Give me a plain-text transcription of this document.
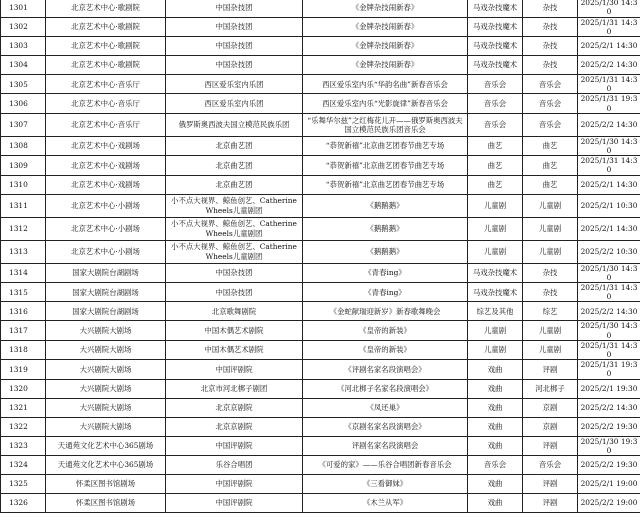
1301	北京艺术中心·歌剧院	中国杂技团	《金牌杂技闹新春》	马戏杂技魔术	杂技	2025/1/30 14:30
1302	北京艺术中心·歌剧院	中国杂技团	《金牌杂技闹新春》	马戏杂技魔术	杂技	2025/1/31 14:30
1303	北京艺术中心·歌剧院	中国杂技团	《金牌杂技闹新春》	马戏杂技魔术	杂技	2025/2/1 14:30
1304	北京艺术中心·歌剧院	中国杂技团	《金牌杂技闹新春》	马戏杂技魔术	杂技	2025/2/2 14:30
1305	北京艺术中心·音乐厅	西区爱乐室内乐团	西区爱乐室内乐“华韵名曲”新春音乐会	音乐会	音乐会	2025/1/31 14:30
1306	北京艺术中心·音乐厅	西区爱乐室内乐团	西区爱乐室内乐“光影旋律”新春音乐会	音乐会	音乐会	2025/1/31 19:30
1307	北京艺术中心·音乐厅	俄罗斯奥西波夫国立模范民族乐团	“乐舞华尔兹”之红梅花儿开——俄罗斯奥西波夫国立模范民族乐团音乐会	音乐会	音乐会	2025/2/2 14:30
1308	北京艺术中心·戏剧场	北京曲艺团	“恭贺新禧”北京曲艺团春节曲艺专场	曲艺	曲艺	2025/1/30 14:30
1309	北京艺术中心·戏剧场	北京曲艺团	“恭贺新禧”北京曲艺团春节曲艺专场	曲艺	曲艺	2025/1/31 14:30
1310	北京艺术中心·戏剧场	北京曲艺团	“恭贺新禧”北京曲艺团春节曲艺专场	曲艺	曲艺	2025/2/1 14:30
1311	北京艺术中心·小剧场	小不点大视界、鲸鱼创艺、Catherine Wheels儿童剧团	《鹅鹅鹅》	儿童剧	儿童剧	2025/2/1 10:30
1312	北京艺术中心·小剧场	小不点大视界、鲸鱼创艺、Catherine Wheels儿童剧团	《鹅鹅鹅》	儿童剧	儿童剧	2025/2/1 14:30
1313	北京艺术中心·小剧场	小不点大视界、鲸鱼创艺、Catherine Wheels儿童剧团	《鹅鹅鹅》	儿童剧	儿童剧	2025/2/2 10:30
1314	国家大剧院台湖剧场	中国杂技团	《青春ing》	马戏杂技魔术	杂技	2025/1/30 14:30
1315	国家大剧院台湖剧场	中国杂技团	《青春ing》	马戏杂技魔术	杂技	2025/1/31 14:30
1316	国家大剧院台湖剧场	北京歌舞剧院	《金蛇献瑞迎新岁》新春歌舞晚会	综艺及其他	综艺	2025/2/2 14:30
1317	大兴剧院大剧场	中国木偶艺术剧院	《皇帝的新装》	儿童剧	儿童剧	2025/1/30 14:30
1318	大兴剧院大剧场	中国木偶艺术剧院	《皇帝的新装》	儿童剧	儿童剧	2025/1/31 14:30
1319	大兴剧院大剧场	中国评剧院	《评剧名家名段演唱会》	戏曲	评剧	2025/1/31 19:30
1320	大兴剧院大剧场	北京市河北梆子剧团	《河北梆子名家名段演唱会》	戏曲	河北梆子	2025/2/1 19:30
1321	大兴剧院大剧场	北京京剧院	《凤还巢》	戏曲	京剧	2025/2/2 14:30
1322	大兴剧院大剧场	北京京剧院	《京剧名家名段演唱会》	戏曲	京剧	2025/2/2 19:30
1323	天通苑文化艺术中心365剧场	中国评剧院	评剧名家名段演唱会	戏曲	评剧	2025/1/30 19:30
1324	天通苑文化艺术中心365剧场	乐谷合唱团	《可爱的家》——乐谷合唱团新春音乐会	音乐会	音乐会	2025/2/2 19:30
1325	怀柔区图书馆剧场	中国评剧院	《三看御妹》	戏曲	评剧	2025/2/1 19:00
1326	怀柔区图书馆剧场	中国评剧院	《木兰从军》	戏曲	评剧	2025/2/2 19:00
